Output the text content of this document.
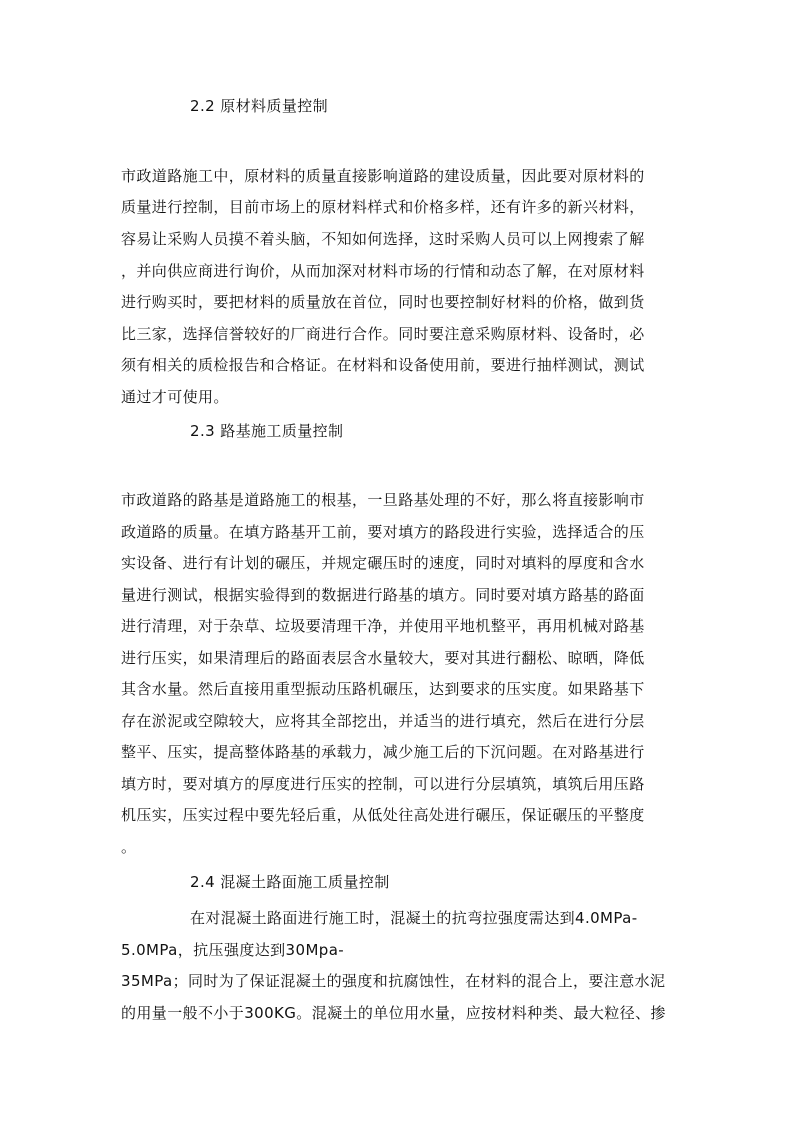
2.2 原材料质量控制
市政道路施工中，原材料的质量直接影响道路的建设质量，因此要对原材料的
质量进行控制，目前市场上的原材料样式和价格多样，还有许多的新兴材料，
容易让采购人员摸不着头脑，不知如何选择，这时采购人员可以上网搜索了解
，并向供应商进行询价，从而加深对材料市场的行情和动态了解，在对原材料
进行购买时，要把材料的质量放在首位，同时也要控制好材料的价格，做到货
比三家，选择信誉较好的厂商进行合作。同时要注意采购原材料、设备时，必
须有相关的质检报告和合格证。在材料和设备使用前，要进行抽样测试，测试
通过才可使用。
2.3 路基施工质量控制
市政道路的路基是道路施工的根基，一旦路基处理的不好，那么将直接影响市
政道路的质量。在填方路基开工前，要对填方的路段进行实验，选择适合的压
实设备、进行有计划的碾压，并规定碾压时的速度，同时对填料的厚度和含水
量进行测试，根据实验得到的数据进行路基的填方。同时要对填方路基的路面
进行清理，对于杂草、垃圾要清理干净，并使用平地机整平，再用机械对路基
进行压实，如果清理后的路面表层含水量较大，要对其进行翻松、晾晒，降低
其含水量。然后直接用重型振动压路机碾压，达到要求的压实度。如果路基下
存在淤泥或空隙较大，应将其全部挖出，并适当的进行填充，然后在进行分层
整平、压实，提高整体路基的承载力，减少施工后的下沉问题。在对路基进行
填方时，要对填方的厚度进行压实的控制，可以进行分层填筑，填筑后用压路
机压实，压实过程中要先轻后重，从低处往高处进行碾压，保证碾压的平整度
。
2.4 混凝土路面施工质量控制
在对混凝土路面进行施工时，混凝土的抗弯拉强度需达到4.0MPa-
5.0MPa，抗压强度达到30Mpa-
35MPa；同时为了保证混凝土的强度和抗腐蚀性，在材料的混合上，要注意水泥
的用量一般不小于300KG。混凝土的单位用水量，应按材料种类、最大粒径、掺
